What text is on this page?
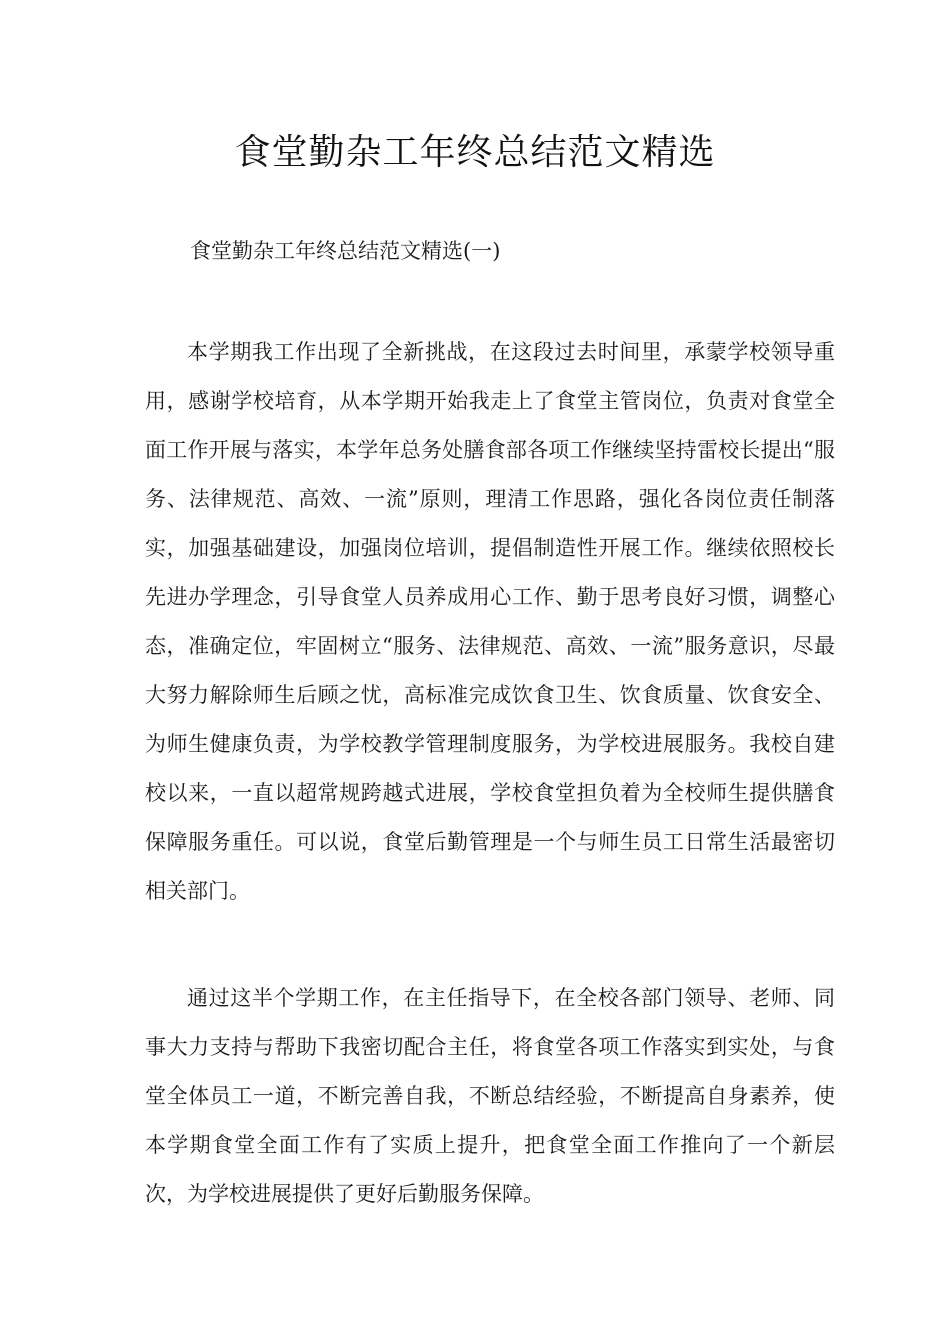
食堂勤杂工年终总结范文精选

食堂勤杂工年终总结范文精选(一)

本学期我工作出现了全新挑战，在这段过去时间里，承蒙学校领导重用，感谢学校培育，从本学期开始我走上了食堂主管岗位，负责对食堂全面工作开展与落实，本学年总务处膳食部各项工作继续坚持雷校长提出“服务、法律规范、高效、一流”原则，理清工作思路，强化各岗位责任制落实，加强基础建设，加强岗位培训，提倡制造性开展工作。继续依照校长先进办学理念，引导食堂人员养成用心工作、勤于思考良好习惯，调整心态，准确定位，牢固树立“服务、法律规范、高效、一流”服务意识，尽最大努力解除师生后顾之忧，高标准完成饮食卫生、饮食质量、饮食安全、为师生健康负责，为学校教学管理制度服务，为学校进展服务。我校自建校以来，一直以超常规跨越式进展，学校食堂担负着为全校师生提供膳食保障服务重任。可以说，食堂后勤管理是一个与师生员工日常生活最密切相关部门。

通过这半个学期工作，在主任指导下，在全校各部门领导、老师、同事大力支持与帮助下我密切配合主任，将食堂各项工作落实到实处，与食堂全体员工一道，不断完善自我，不断总结经验，不断提高自身素养，使本学期食堂全面工作有了实质上提升，把食堂全面工作推向了一个新层次，为学校进展提供了更好后勤服务保障。
